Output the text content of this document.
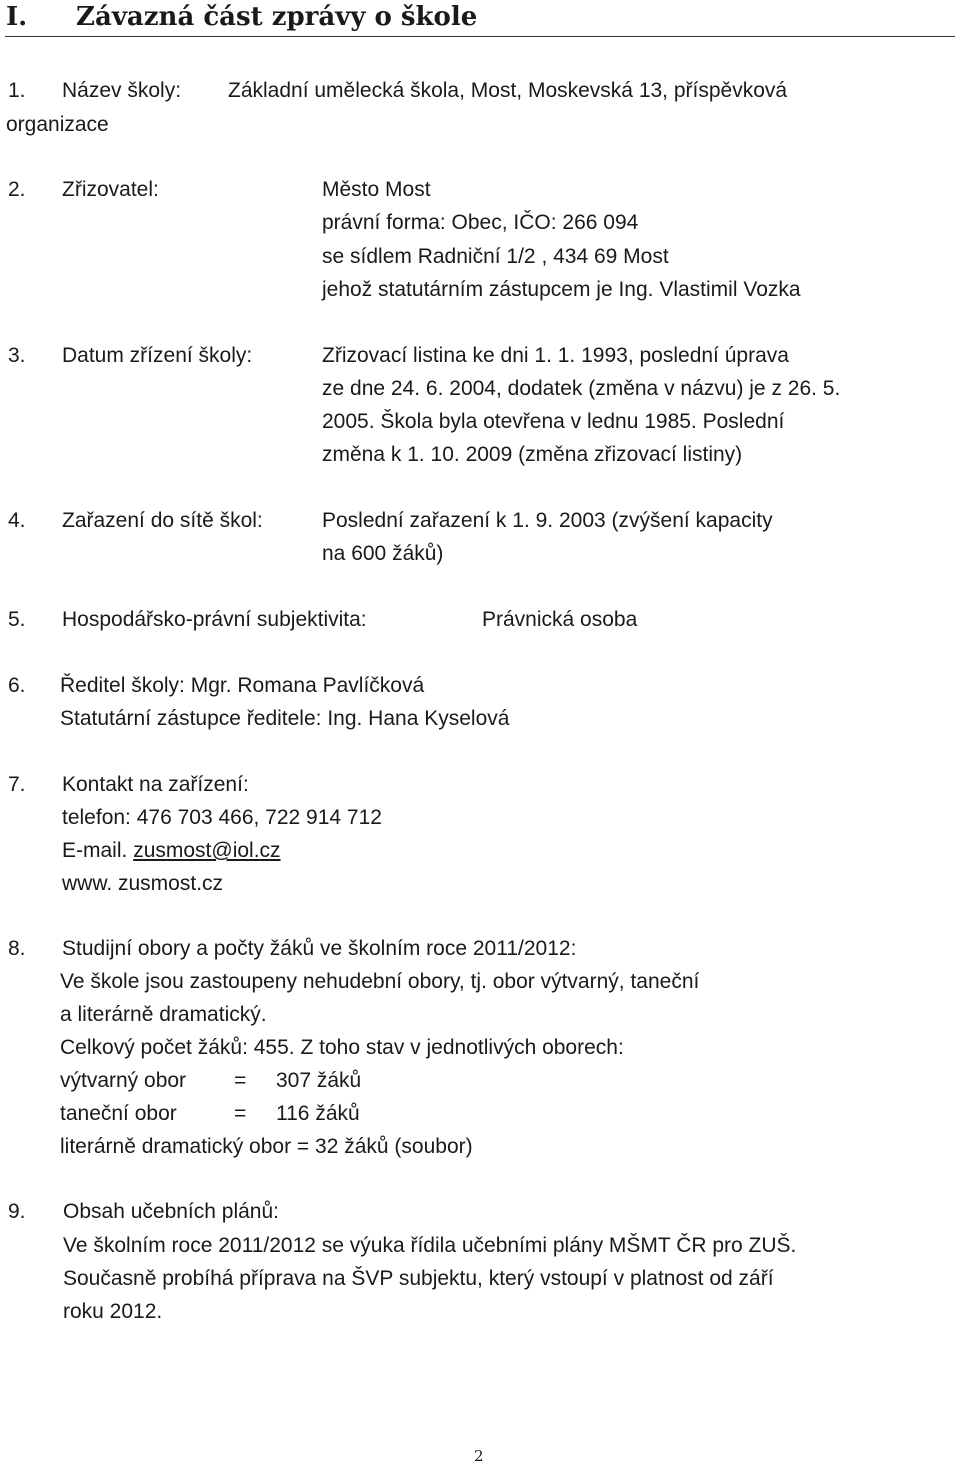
I. Závazná část zprávy o škole
1. Název školy: Základní umělecká škola, Most, Moskevská 13, příspěvková
organizace
2. Zřizovatel:	Město Most
právní forma: Obec, IČO: 266 094
se sídlem Radniční 1/2 , 434 69 Most
jehož statutárním zástupcem je Ing. Vlastimil Vozka
3. Datum zřízení školy:	Zřizovací listina ke dni 1. 1. 1993, poslední úprava
ze dne 24. 6. 2004, dodatek (změna v názvu) je z 26. 5.
2005. Škola byla otevřena v lednu 1985. Poslední
změna k 1. 10. 2009 (změna zřizovací listiny)
4. Zařazení do sítě škol:	Poslední zařazení k 1. 9. 2003 (zvýšení kapacity
na 600 žáků)
5. Hospodářsko-právní subjektivita:	Právnická osoba
6. Ředitel školy: Mgr. Romana Pavlíčková
Statutární zástupce ředitele: Ing. Hana Kyselová
7. Kontakt na zařízení:
telefon: 476 703 466, 722 914 712
E-mail. zusmost@iol.cz
www. zusmost.cz
8. Studijní obory a počty žáků ve školním roce 2011/2012:
Ve škole jsou zastoupeny nehudební obory, tj. obor výtvarný, taneční
a literárně dramatický.
Celkový počet žáků: 455. Z toho stav v jednotlivých oborech:
výtvarný obor = 307 žáků
taneční obor	= 116 žáků
literárně dramatický obor = 32 žáků (soubor)
9. Obsah učebních plánů:
Ve školním roce 2011/2012 se výuka řídila učebními plány MŠMT ČR pro ZUŠ.
Současně probíhá příprava na ŠVP subjektu, který vstoupí v platnost od září
roku 2012.
2
